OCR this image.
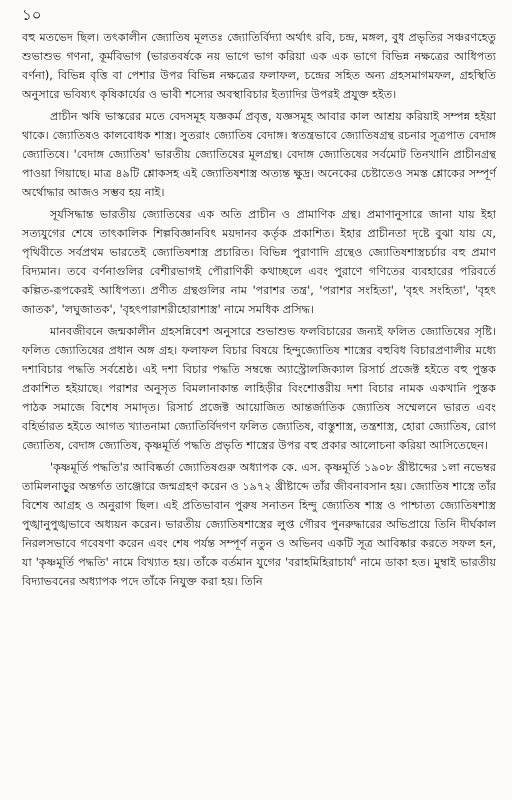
১০

বহু মতভেদ ছিল। তৎকালীন জ্যোতিষ মূলতঃ জ্যোতির্বিদ্যা অর্থাৎ রবি, চন্দ্র, মঙ্গল, বুধ প্রভৃতির সঞ্চরণহেতু শুভাশুভ গণনা, কূর্মবিভাগ (ভারতবর্ষকে নয় ভাগে ভাগ করিয়া এক এক ভাগে বিভিন্ন নক্ষত্রের আধিপত্য বর্ণনা), বিভিন্ন বৃত্তি বা পেশার উপর বিভিন্ন নক্ষত্রের ফলাফল, চন্দ্রের সহিত অন্য গ্রহসমাগমফল, গ্রহস্থিতি অনুসারে ভবিষ্যৎ কৃষিকার্যের ও ভাবী শস্যের অবস্থাবিচার ইত্যাদির উপরই প্রযুক্ত হইত।

প্রাচীন ঋষি ভাস্করের মতে বেদসমূহ যজ্ঞকর্ম প্রবৃত্ত, যজ্ঞসমূহ আবার কাল আশ্রয় করিয়াই সম্পন্ন হইয়া থাকে। জ্যোতিষও কালবোধক শাস্ত্র। সুতরাং জ্যোতিষ বেদাঙ্গ। স্বতন্ত্রভাবে জ্যোতিষগ্রন্থ রচনার সূত্রপাত বেদাঙ্গ জ্যোতিষে। 'বেদাঙ্গ জ্যোতিষ' ভারতীয় জ্যোতিষের মূলগ্রন্থ। বেদাঙ্গ জ্যোতিষের সর্বমোট তিনখানি প্রাচীনগ্রন্থ পাওয়া গিয়াছে। মাত্র ৪৯টি শ্লোকসহ এই জ্যোতিষশাস্ত্র অত্যন্ত ক্ষুদ্র। অনেকের চেষ্টাতেও সমস্ত শ্লোকের সম্পূর্ণ অর্থোদ্ধার আজও সম্ভব হয় নাই।

সূর্যসিদ্ধান্ত ভারতীয় জ্যোতিষের এক অতি প্রাচীন ও প্রামাণিক গ্রন্থ। প্রমাণানুসারে জানা যায় ইহা সত্যযুগের শেষে তাৎকালিক শিল্পবিজ্ঞানবিৎ ময়দানব কর্তৃক প্রকাশিত। ইহার প্রাচীনতা দৃষ্টে বুঝা যায় যে, পৃথিবীতে সর্বপ্রথম ভারতেই জ্যোতিষশাস্ত্র প্রচারিত। বিভিন্ন পুরাণাদি গ্রন্থেও জ্যোতিষশাস্ত্রচর্চার বহু প্রমাণ বিদ্যমান। তবে বর্ণনাগুলির বেশীরভাগই পৌরাণিকী কথাচ্ছলে এবং পুরাণে গণিতের ব্যবহারের পরিবর্তে কল্পিত-রূপকেরই আধিপত্য। প্রণীত গ্রন্থগুলির নাম 'পরাশর তন্ত্র', 'পরাশর সংহিতা', 'বৃহৎ সংহিতা', 'বৃহৎ জাতক', 'লঘুজাতক', 'বৃহৎপারাশরীহোরাশাস্ত্র' নামে সমধিক প্রসিদ্ধ।

মানবজীবনে জন্মকালীন গ্রহসন্নিবেশ অনুসারে শুভাশুভ ফলবিচারের জন্যই ফলিত জ্যোতিষের সৃষ্টি। ফলিত জ্যোতিষের প্রধান অঙ্গ গ্রহ। ফলাফল বিচার বিষয়ে হিন্দুজ্যোতিষ শাস্ত্রের বহুবিধ বিচারপ্রণালীর মধ্যে দশাবিচার পদ্ধতি সর্বশ্রেষ্ঠ। এই দশা বিচার পদ্ধতি সম্বন্ধে অ্যাস্ট্রোলজিক্যাল রিসার্চ প্রজেক্ট হইতে বহু পুস্তক প্রকাশিত হইয়াছে। পরাশর অনুসৃত বিমলানাকান্ত লাহিড়ীর বিংশোত্তরীয় দশা বিচার নামক একখানি পুস্তক পাঠক সমাজে বিশেষ সমাদৃত। রিসার্চ প্রজেক্ট আয়োজিত আন্তর্জাতিক জ্যোতিষ সম্মেলনে ভারত এবং বহির্ভারত হইতে আগত খ্যাতনামা জ্যোতির্বিদগণ ফলিত জ্যোতিষ, বাস্তুশাস্ত্র, তন্ত্রশাস্ত্র, হোরা জ্যোতিষ, রোগ জ্যোতিষ, বেদাঙ্গ জ্যোতিষ, কৃষ্ণমূর্তি পদ্ধতি প্রভৃতি শাস্ত্রের উপর বহু প্রকার আলোচনা করিয়া আসিতেছেন।

'কৃষ্ণমূর্তি পদ্ধতি'র আবিষ্কর্তা জ্যোতিষগুরু অধ্যাপক কে. এস. কৃষ্ণমূর্তি ১৯০৮ খ্রীষ্টাব্দের ১লা নভেম্বর তামিলনাড়ুর অন্তর্গত তাঞ্জোরে জন্মগ্রহণ করেন ও ১৯৭২ খ্রীষ্টাব্দে তাঁর জীবনাবসান হয়। জ্যোতিষ শাস্ত্রে তাঁর বিশেষ আগ্রহ ও অনুরাগ ছিল। এই প্রতিভাবান পুরুষ সনাতন হিন্দু জ্যোতিষ শাস্ত্র ও পাশ্চাত্য জ্যোতিষশাস্ত্র পুঙ্খানুপুঙ্খভাবে অধ্যয়ন করেন। ভারতীয় জ্যোতিষশাস্ত্রের লুপ্ত গৌরব পুনরুদ্ধারের অভিপ্রায়ে তিনি দীর্ঘকাল নিরলসভাবে গবেষণা করেন এবং শেষ পর্যন্ত সম্পূর্ণ নতুন ও অভিনব একটি সূত্র আবিষ্কার করতে সফল হন, যা 'কৃষ্ণমূর্তি পদ্ধতি' নামে বিখ্যাত হয়। তাঁকে বর্তমান যুগের 'বরাহমিহিরাচার্য' নামে ডাকা হত। মুম্বাই ভারতীয় বিদ্যাভবনের অধ্যাপক পদে তাঁকে নিযুক্ত করা হয়। তিনি
